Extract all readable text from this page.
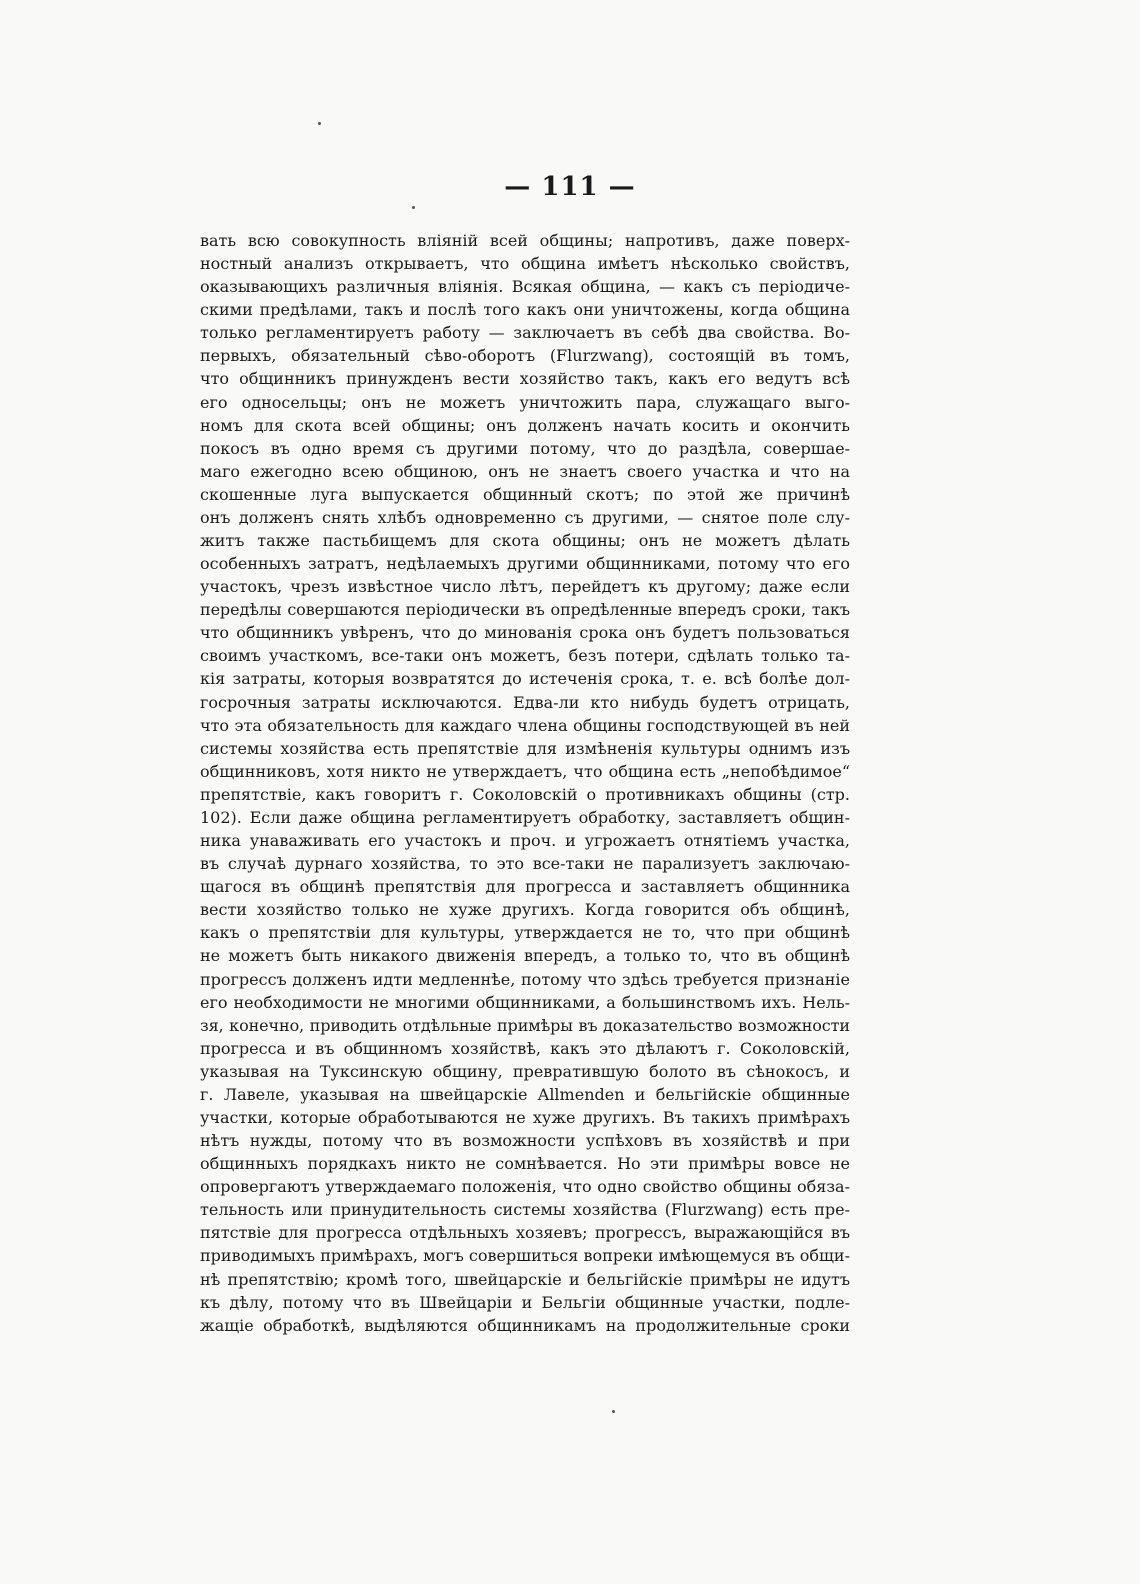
— 111 —
вать всю совокупность влiянiй всей общины; напротивъ, даже поверх-
ностный анализъ открываетъ, что община имѣетъ нѣсколько свойствъ,
оказывающихъ различныя влiянiя. Всякая община, — какъ съ перiодиче-
скими предѣлами, такъ и послѣ того какъ они уничтожены, когда община
только регламентируетъ работу — заключаетъ въ себѣ два свойства. Во-
первыхъ, обязательный сѣво-оборотъ (Flurzwang), состоящiй въ томъ,
что общинникъ принужденъ вести хозяйство такъ, какъ его ведутъ всѣ
его односельцы; онъ не можетъ уничтожить пара, служащаго выго-
номъ для скота всей общины; онъ долженъ начать косить и окончить
покосъ въ одно время съ другими потому, что до раздѣла, совершае-
маго ежегодно всею общиною, онъ не знаетъ своего участка и что на
скошенные луга выпускается общинный скотъ; по этой же причинѣ
онъ долженъ снять хлѣбъ одновременно съ другими, — снятое поле слу-
житъ также пастьбищемъ для скота общины; онъ не можетъ дѣлать
особенныхъ затратъ, недѣлаемыхъ другими общинниками, потому что его
участокъ, чрезъ извѣстное число лѣтъ, перейдетъ къ другому; даже если
передѣлы совершаются перiодически въ опредѣленные впередъ сроки, такъ
что общинникъ увѣренъ, что до минованiя срока онъ будетъ пользоваться
своимъ участкомъ, все-таки онъ можетъ, безъ потери, сдѣлать только та-
кiя затраты, которыя возвратятся до истеченiя срока, т. е. всѣ болѣе дол-
госрочныя затраты исключаются. Едва-ли кто нибудь будетъ отрицать,
что эта обязательность для каждаго члена общины господствующей въ ней
системы хозяйства есть препятствiе для измѣненiя культуры однимъ изъ
общинниковъ, хотя никто не утверждаетъ, что община есть „непобѣдимое“
препятствiе, какъ говоритъ г. Соколовскiй о противникахъ общины (стр.
102). Если даже община регламентируетъ обработку, заставляетъ общин-
ника унаваживать его участокъ и проч. и угрожаетъ отнятiемъ участка,
въ случаѣ дурнаго хозяйства, то это все-таки не парализуетъ заключаю-
щагося въ общинѣ препятствiя для прогресса и заставляетъ общинника
вести хозяйство только не хуже другихъ. Когда говорится объ общинѣ,
какъ о препятствiи для культуры, утверждается не то, что при общинѣ
не можетъ быть никакого движенiя впередъ, а только то, что въ общинѣ
прогрессъ долженъ идти медленнѣе, потому что здѣсь требуется признанiе
его необходимости не многими общинниками, а большинствомъ ихъ. Нель-
зя, конечно, приводить отдѣльные примѣры въ доказательство возможности
прогресса и въ общинномъ хозяйствѣ, какъ это дѣлаютъ г. Соколовскiй,
указывая на Туксинскую общину, превратившую болото въ сѣнокосъ, и
г. Лавеле, указывая на швейцарскiе Allmenden и бельгiйскiе общинные
участки, которые обработываются не хуже другихъ. Въ такихъ примѣрахъ
нѣтъ нужды, потому что въ возможности успѣховъ въ хозяйствѣ и при
общинныхъ порядкахъ никто не сомнѣвается. Но эти примѣры вовсе не
опровергаютъ утверждаемаго положенiя, что одно свойство общины обяза-
тельность или принудительность системы хозяйства (Flurzwang) есть пре-
пятствiе для прогресса отдѣльныхъ хозяевъ; прогрессъ, выражающiйся въ
приводимыхъ примѣрахъ, могъ совершиться вопреки имѣющемуся въ общи-
нѣ препятствiю; кромѣ того, швейцарскiе и бельгiйскiе примѣры не идутъ
къ дѣлу, потому что въ Швейцарiи и Бельгiи общинные участки, подле-
жащiе обработкѣ, выдѣляются общинникамъ на продолжительные сроки
